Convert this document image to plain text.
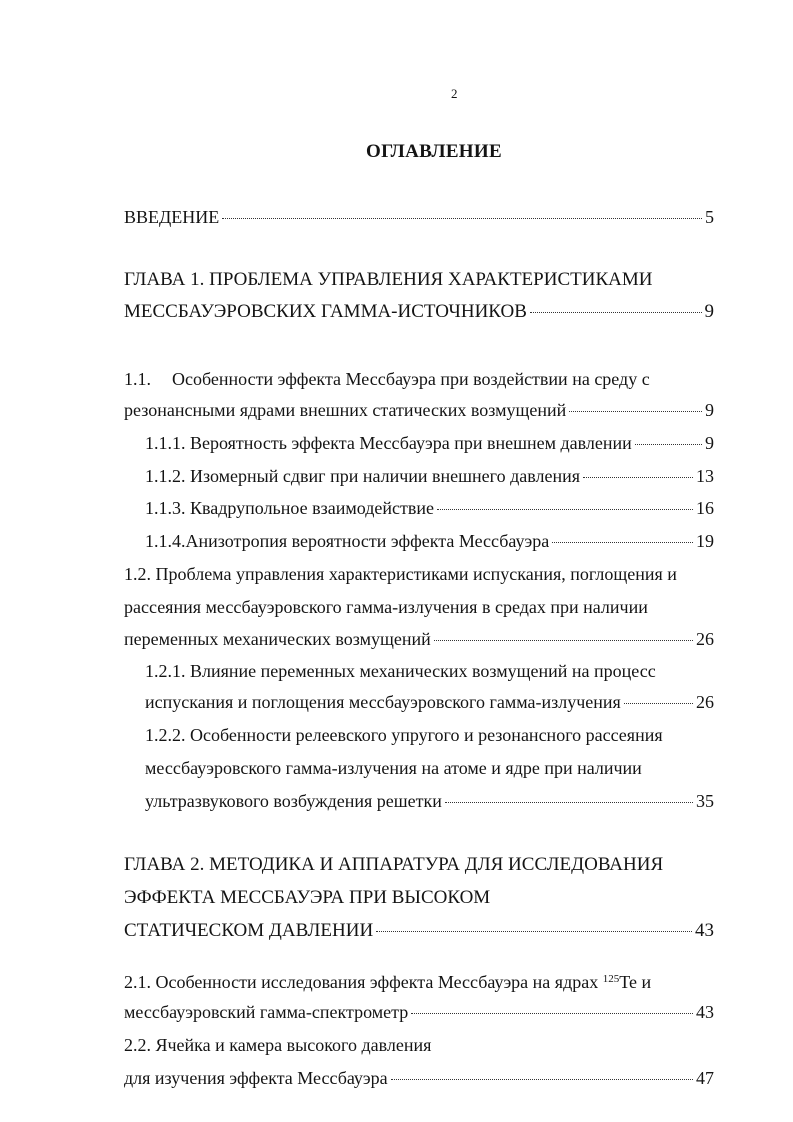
2
ОГЛАВЛЕНИЕ
ВВЕДЕНИЕ	5
ГЛАВА 1. ПРОБЛЕМА УПРАВЛЕНИЯ ХАРАКТЕРИСТИКАМИ
МЕССБАУЭРОВСКИХ ГАММА-ИСТОЧНИКОВ	9
1.1. Особенности эффекта Мессбауэра при воздействии на среду с
резонансными ядрами внешних статических возмущений	9
1.1.1. Вероятность эффекта Мессбауэра при внешнем давлении	9
1.1.2. Изомерный сдвиг при наличии внешнего давления	13
1.1.3. Квадрупольное взаимодействие	16
1.1.4.Анизотропия вероятности эффекта Мессбауэра	19
1.2. Проблема управления характеристиками испускания, поглощения и
рассеяния мессбауэровского гамма-излучения в средах при наличии
переменных механических возмущений	26
1.2.1. Влияние переменных механических возмущений на процесс
испускания и поглощения мессбауэровского гамма-излучения	26
1.2.2. Особенности релеевского упругого и резонансного рассеяния
мессбауэровского гамма-излучения на атоме и ядре при наличии
ультразвукового возбуждения решетки	35
ГЛАВА 2. МЕТОДИКА И АППАРАТУРА ДЛЯ ИССЛЕДОВАНИЯ
ЭФФЕКТА МЕССБАУЭРА ПРИ ВЫСОКОМ
СТАТИЧЕСКОМ ДАВЛЕНИИ	43
2.1. Особенности исследования эффекта Мессбауэра на ядрах $^{125}$Te и
мессбауэровский гамма-спектрометр	43
2.2. Ячейка и камера высокого давления
для изучения эффекта Мессбауэра	47
